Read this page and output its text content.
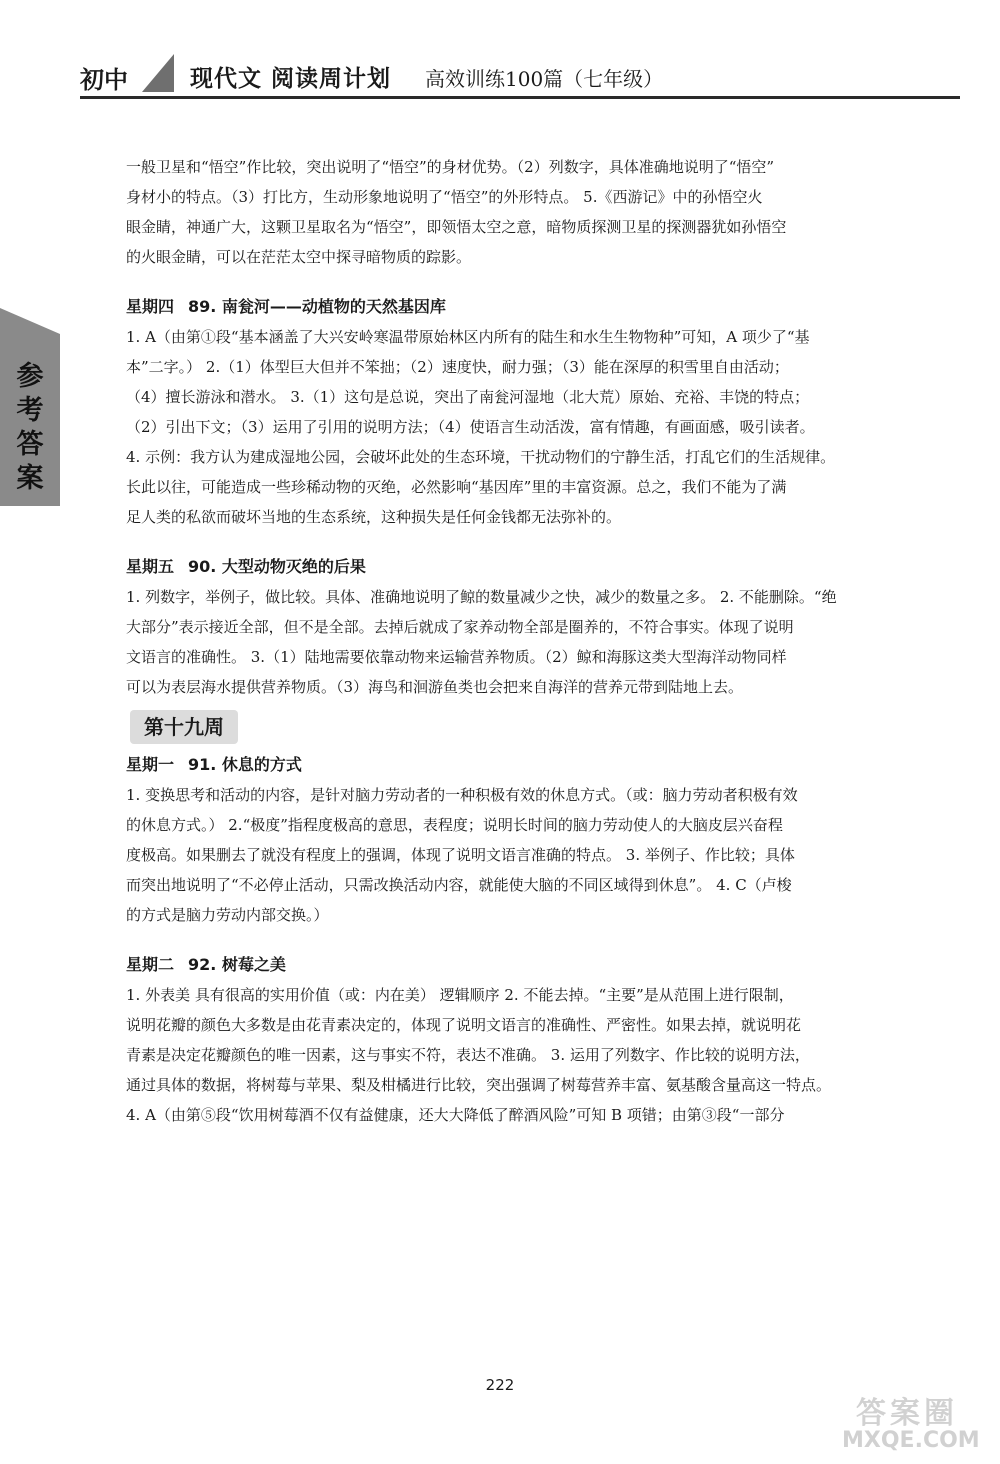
初中	现代文 阅读周计划 高效训练100篇（七年级）
参考答案

一般卫星和“悟空”作比较，突出说明了“悟空”的身材优势。（2）列数字，具体准确地说明了“悟空”

身材小的特点。（3）打比方，生动形象地说明了“悟空”的外形特点。 5.《西游记》中的孙悟空火

眼金睛，神通广大，这颗卫星取名为“悟空”，即领悟太空之意，暗物质探测卫星的探测器犹如孙悟空

的火眼金睛，可以在茫茫太空中探寻暗物质的踪影。

星期四 89. 南瓮河——动植物的天然基因库

1. A（由第①段“基本涵盖了大兴安岭寒温带原始林区内所有的陆生和水生生物物种”可知，A 项少了“基

本”二字。） 2.（1）体型巨大但并不笨拙；（2）速度快，耐力强；（3）能在深厚的积雪里自由活动；

（4）擅长游泳和潜水。 3.（1）这句是总说，突出了南瓮河湿地（北大荒）原始、充裕、丰饶的特点；

（2）引出下文；（3）运用了引用的说明方法；（4）使语言生动活泼，富有情趣，有画面感，吸引读者。

4. 示例：我方认为建成湿地公园，会破坏此处的生态环境，干扰动物们的宁静生活，打乱它们的生活规律。

长此以往，可能造成一些珍稀动物的灭绝，必然影响“基因库”里的丰富资源。总之，我们不能为了满

足人类的私欲而破坏当地的生态系统，这种损失是任何金钱都无法弥补的。

星期五 90. 大型动物灭绝的后果

1. 列数字，举例子，做比较。具体、准确地说明了鲸的数量减少之快，减少的数量之多。 2. 不能删除。“绝

大部分”表示接近全部，但不是全部。去掉后就成了家养动物全部是圈养的，不符合事实。体现了说明

文语言的准确性。 3.（1）陆地需要依靠动物来运输营养物质。（2）鲸和海豚这类大型海洋动物同样

可以为表层海水提供营养物质。（3）海鸟和洄游鱼类也会把来自海洋的营养元带到陆地上去。

第十九周

星期一 91. 休息的方式

1. 变换思考和活动的内容，是针对脑力劳动者的一种积极有效的休息方式。（或：脑力劳动者积极有效

的休息方式。） 2.“极度”指程度极高的意思，表程度；说明长时间的脑力劳动使人的大脑皮层兴奋程

度极高。如果删去了就没有程度上的强调，体现了说明文语言准确的特点。 3. 举例子、作比较；具体

而突出地说明了“不必停止活动，只需改换活动内容，就能使大脑的不同区域得到休息”。 4. C（卢梭

的方式是脑力劳动内部交换。）

星期二 92. 树莓之美

1. 外表美 具有很高的实用价值（或：内在美） 逻辑顺序 2. 不能去掉。“主要”是从范围上进行限制，

说明花瓣的颜色大多数是由花青素决定的，体现了说明文语言的准确性、严密性。如果去掉，就说明花

青素是决定花瓣颜色的唯一因素，这与事实不符，表达不准确。 3. 运用了列数字、作比较的说明方法，

通过具体的数据，将树莓与苹果、梨及柑橘进行比较，突出强调了树莓营养丰富、氨基酸含量高这一特点。

4. A（由第⑤段“饮用树莓酒不仅有益健康，还大大降低了醉酒风险”可知 B 项错；由第③段“一部分

222
答案圈
MXQE.COM
